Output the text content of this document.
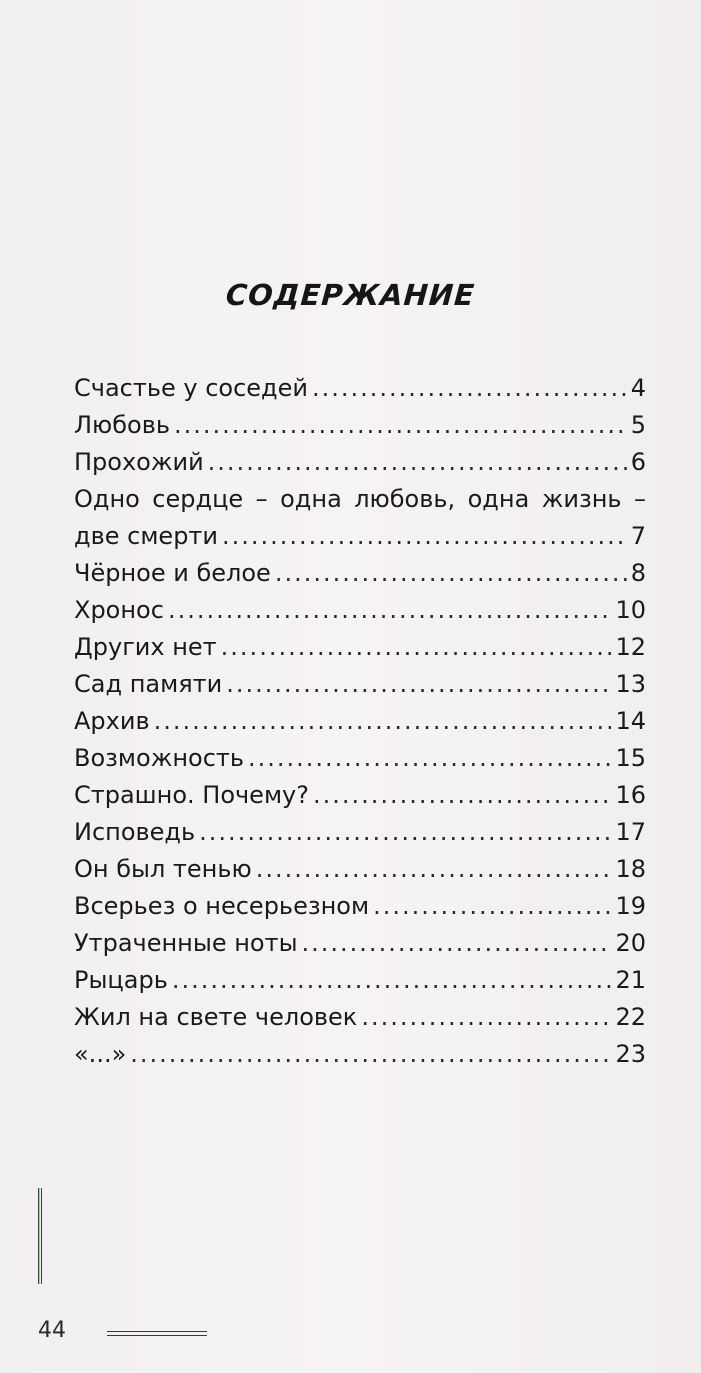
СОДЕРЖАНИЕ
Счастье у соседей .....	4
Любовь .....	5
Прохожий .....	6
Одно сердце – одна любовь, одна жизнь –
две смерти .....	7
Чёрное и белое .....	8
Хронос .....	10
Других нет .....	12
Сад памяти .....	13
Архив .....	14
Возможность .....	15
Страшно. Почему? .....	16
Исповедь .....	17
Он был тенью .....	18
Всерьез о несерьезном .....	19
Утраченные ноты .....	20
Рыцарь .....	21
Жил на свете человек .....	22
«...» .....	23
44
